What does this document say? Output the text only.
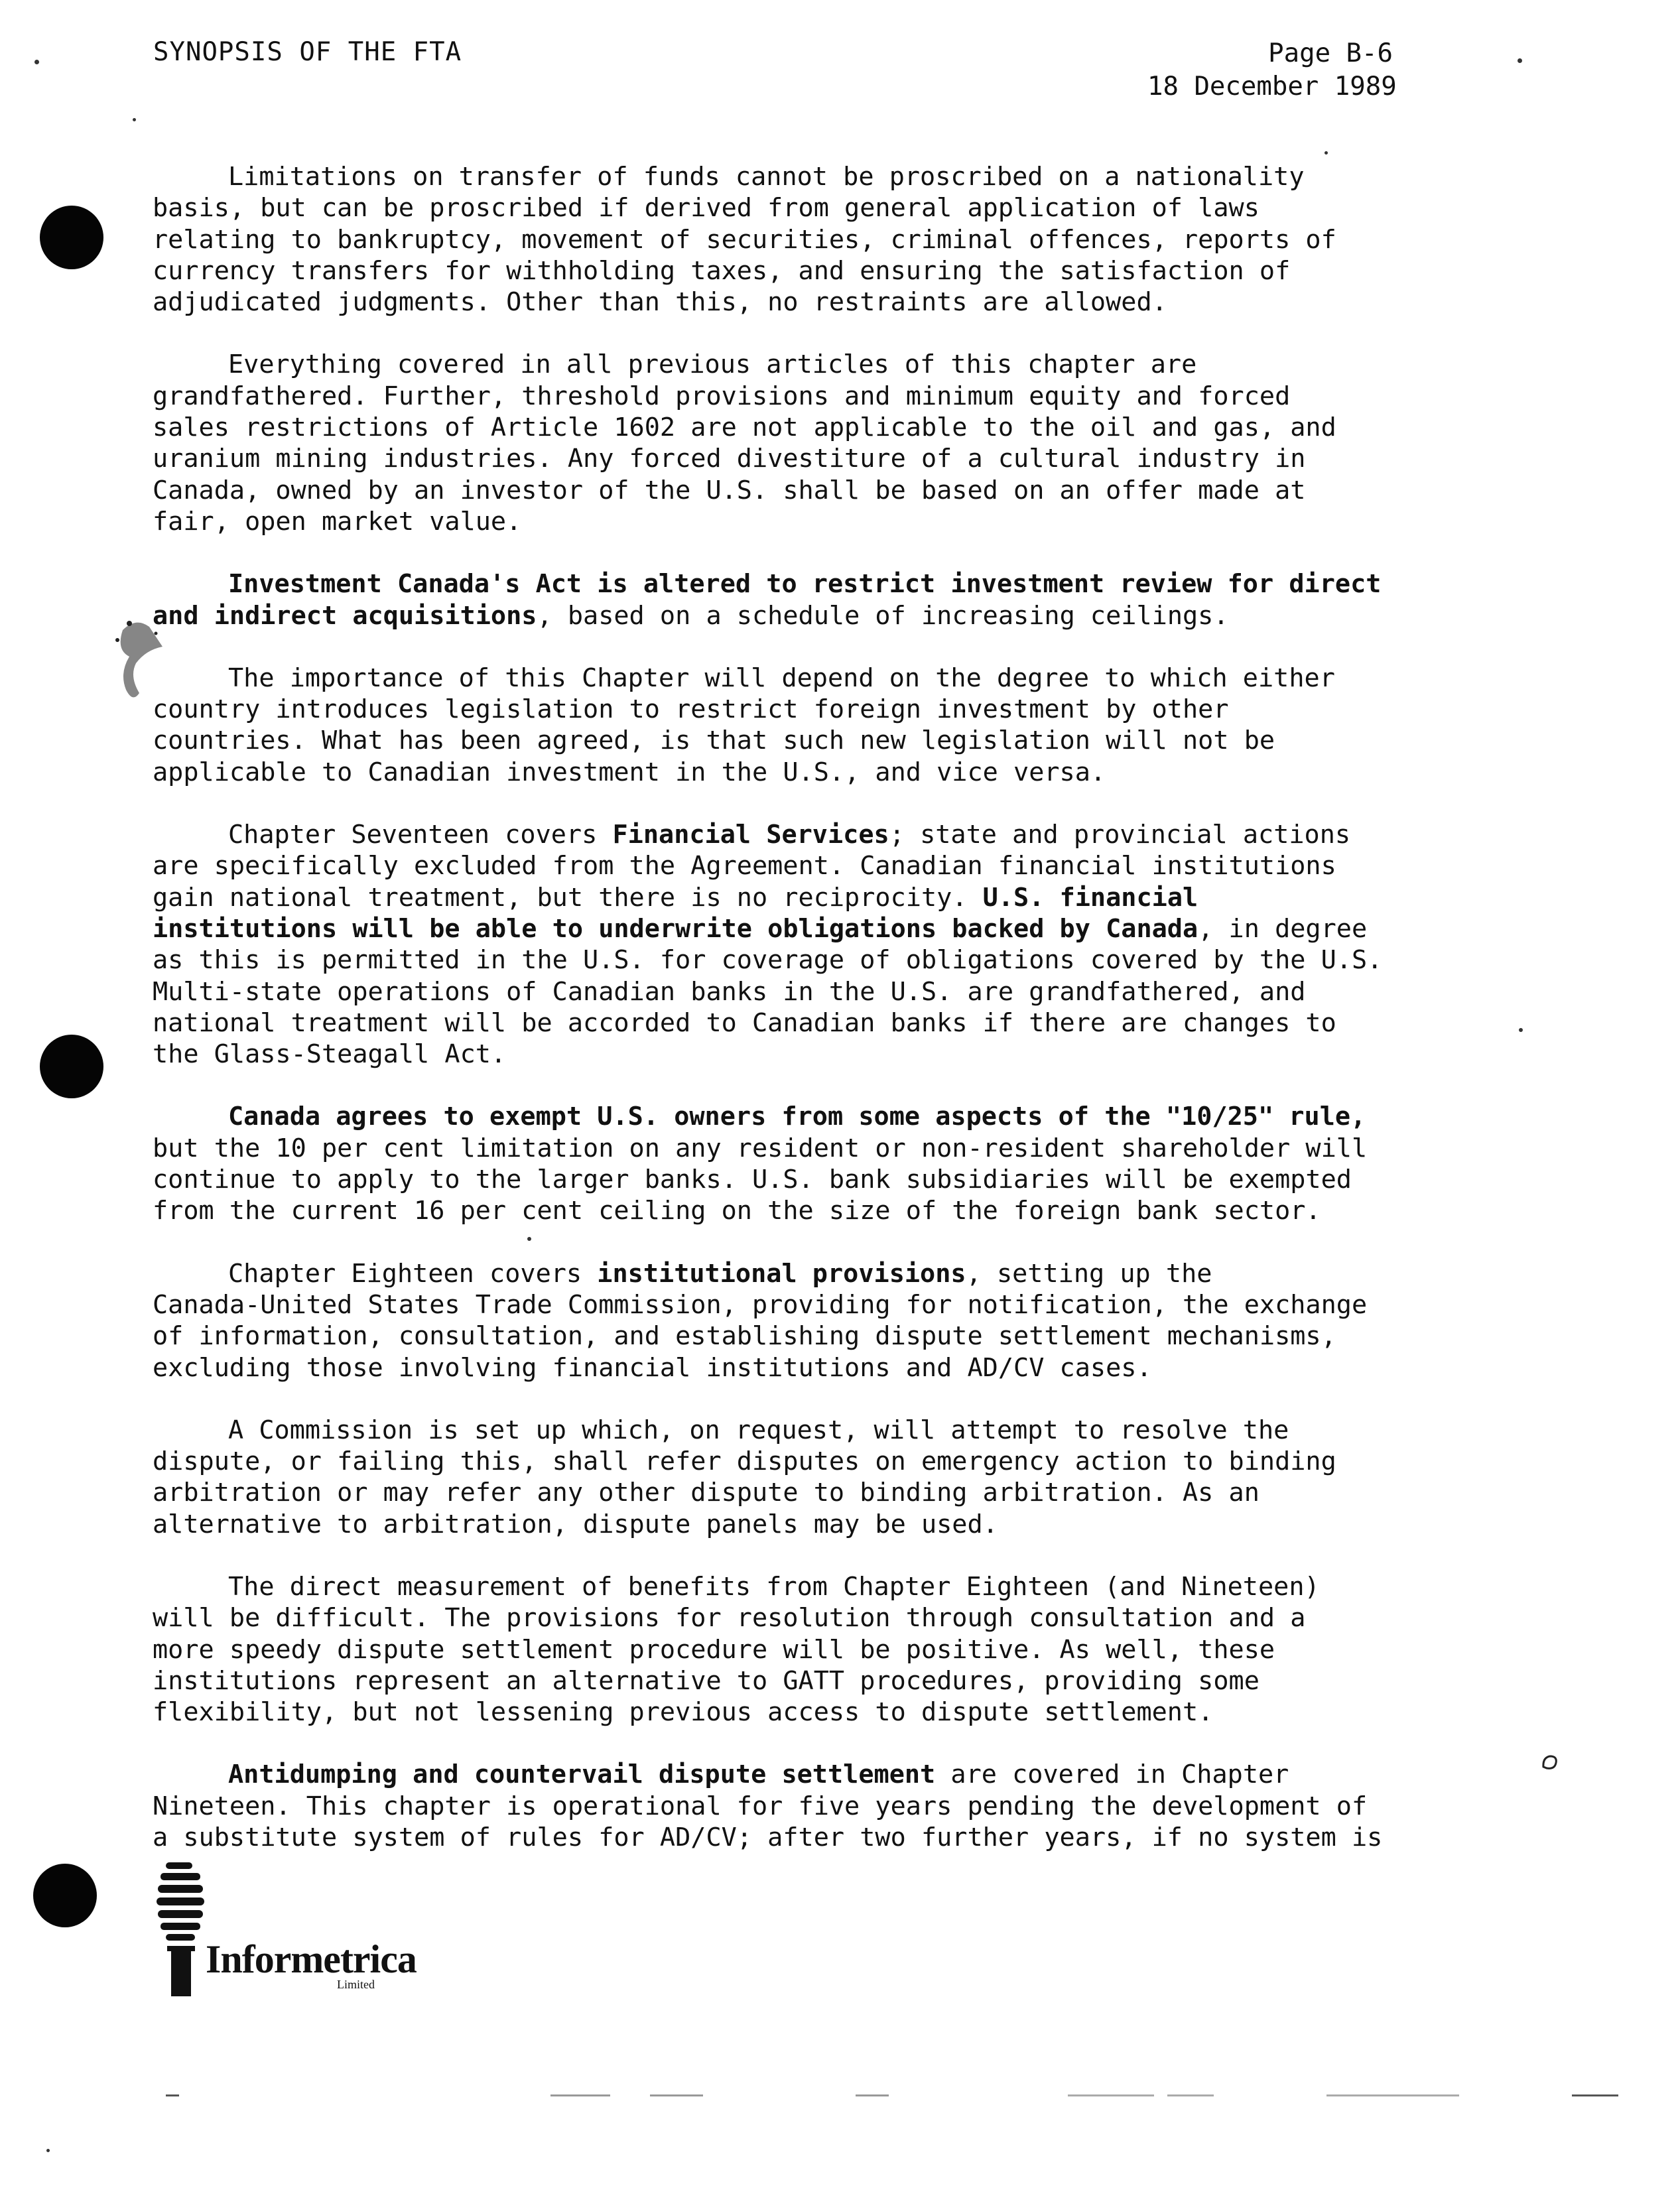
SYNOPSIS OF THE FTA	Page B-6
18 December 1989

Limitations on transfer of funds cannot be proscribed on a nationality
basis, but can be proscribed if derived from general application of laws
relating to bankruptcy, movement of securities, criminal offences, reports of
currency transfers for withholding taxes, and ensuring the satisfaction of
adjudicated judgments. Other than this, no restraints are allowed.

Everything covered in all previous articles of this chapter are
grandfathered. Further, threshold provisions and minimum equity and forced
sales restrictions of Article 1602 are not applicable to the oil and gas, and
uranium mining industries. Any forced divestiture of a cultural industry in
Canada, owned by an investor of the U.S. shall be based on an offer made at
fair, open market value.

Investment Canada's Act is altered to restrict investment review for direct
and indirect acquisitions, based on a schedule of increasing ceilings.

The importance of this Chapter will depend on the degree to which either
country introduces legislation to restrict foreign investment by other
countries. What has been agreed, is that such new legislation will not be
applicable to Canadian investment in the U.S., and vice versa.

Chapter Seventeen covers Financial Services; state and provincial actions
are specifically excluded from the Agreement. Canadian financial institutions
gain national treatment, but there is no reciprocity. U.S. financial
institutions will be able to underwrite obligations backed by Canada, in degree
as this is permitted in the U.S. for coverage of obligations covered by the U.S.
Multi-state operations of Canadian banks in the U.S. are grandfathered, and
national treatment will be accorded to Canadian banks if there are changes to
the Glass-Steagall Act.

Canada agrees to exempt U.S. owners from some aspects of the "10/25" rule,
but the 10 per cent limitation on any resident or non-resident shareholder will
continue to apply to the larger banks. U.S. bank subsidiaries will be exempted
from the current 16 per cent ceiling on the size of the foreign bank sector.

Chapter Eighteen covers institutional provisions, setting up the
Canada-United States Trade Commission, providing for notification, the exchange
of information, consultation, and establishing dispute settlement mechanisms,
excluding those involving financial institutions and AD/CV cases.

A Commission is set up which, on request, will attempt to resolve the
dispute, or failing this, shall refer disputes on emergency action to binding
arbitration or may refer any other dispute to binding arbitration. As an
alternative to arbitration, dispute panels may be used.

The direct measurement of benefits from Chapter Eighteen (and Nineteen)
will be difficult. The provisions for resolution through consultation and a
more speedy dispute settlement procedure will be positive. As well, these
institutions represent an alternative to GATT procedures, providing some
flexibility, but not lessening previous access to dispute settlement.

Antidumping and countervail dispute settlement are covered in Chapter
Nineteen. This chapter is operational for five years pending the development of
a substitute system of rules for AD/CV; after two further years, if no system is

Informetrica
Limited
